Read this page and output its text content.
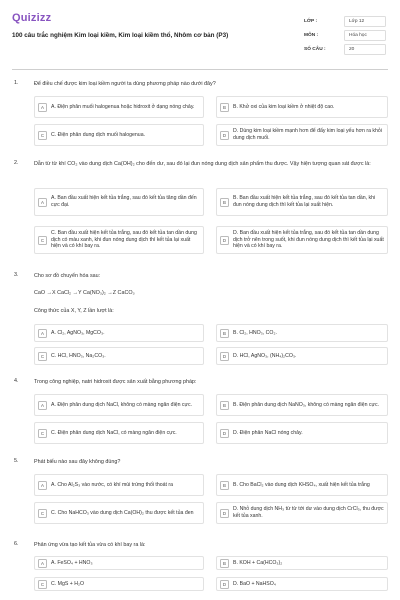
Quizizz
100 câu trắc nghiệm Kim loại kiềm, Kim loại kiềm thổ, Nhôm cơ bản (P3)
LỚP :	Lớp 12
MÔN :	Hóa học
SỐ CÂU :	20
1.	Để điều chế được kim loại kiềm người ta dùng phương pháp nào dưới đây?
A	A. Điện phân muối halogenua hoặc hidroxit ở dạng nóng chảy.	B	B. Khử oxi của kim loại kiềm ở nhiệt độ cao.
C	C. Điện phân dung dịch muối halogenua.	D
D. Dùng kim loại kiềm mạnh hơn để đẩy kim loại yếu hơn ra khỏi dung dịch muối.
2.	Dẫn từ từ khí CO₂ vào dung dịch Ca(OH)₂ cho đến dư, sau đó lại đun nóng dung dịch sản phẩm thu được. Vậy hiện tượng quan sát được là:
A
A. Ban đầu xuất hiện kết tủa trắng, sau đó kết tủa tăng dần đến cực đại.	B
B. Ban đầu xuất hiện kết tủa trắng, sau đó kết tủa tan dần, khi đun nóng dung dịch thì kết tủa lại xuất hiện.
C
C. Ban đầu xuất hiện kết tủa trắng, sau đó kết tủa tan dần dung dịch có màu xanh, khi đun nóng dung dịch thì kết tủa lại xuất hiện và có khí bay ra.
D
D. Ban đầu xuất hiện kết tủa trắng, sau đó kết tủa tan dần dung dịch trở nên trong suốt, khi đun nóng dung dịch thì kết tủa lại xuất hiện và có khí bay ra.
3.	Cho sơ đồ chuyển hóa sau:
CaO →X CaCl₂ →Y Ca(NO₃)₂ →Z CaCO₃
Công thức của X, Y, Z lần lượt là:
A	A. Cl₂, AgNO₃, MgCO₃.	B	B. Cl₂, HNO₃, CO₂.
C	C. HCl, HNO₃, Na₂CO₃.	D	D. HCl, AgNO₃, (NH₄)₂CO₃.
4.	Trong công nghiệp, natri hidroxit được sản xuất bằng phương pháp:
A	A. Điện phân dung dịch NaCl, không có màng ngăn điện cực.	B	B. Điện phân dung dịch NaNO₃, không có màng ngăn điện cực.
C	C. Điện phân dung dịch NaCl, có màng ngăn điện cực.	D	D. Điện phân NaCl nóng chảy.
5.	Phát biểu nào sau đây không đúng?
A	A. Cho Al₂S₃ vào nước, có khí mùi trứng thối thoát ra	B	B. Cho BaCl₂ vào dung dịch KHSO₄, xuất hiện kết tủa trắng
C	C. Cho NaHCO₃ vào dung dịch Ca(OH)₂ thu được kết tủa đen	D
D. Nhỏ dung dịch NH₃ từ từ tới dư vào dung dịch CrCl₃, thu được kết tủa xanh.
6.	Phản ứng vừa tạo kết tủa vừa có khí bay ra là:
A	A. FeSO₄ + HNO₃	B	B. KOH + Ca(HCO₃)₂
C	C. MgS + H₂O	D	D. BaO + NaHSO₄
